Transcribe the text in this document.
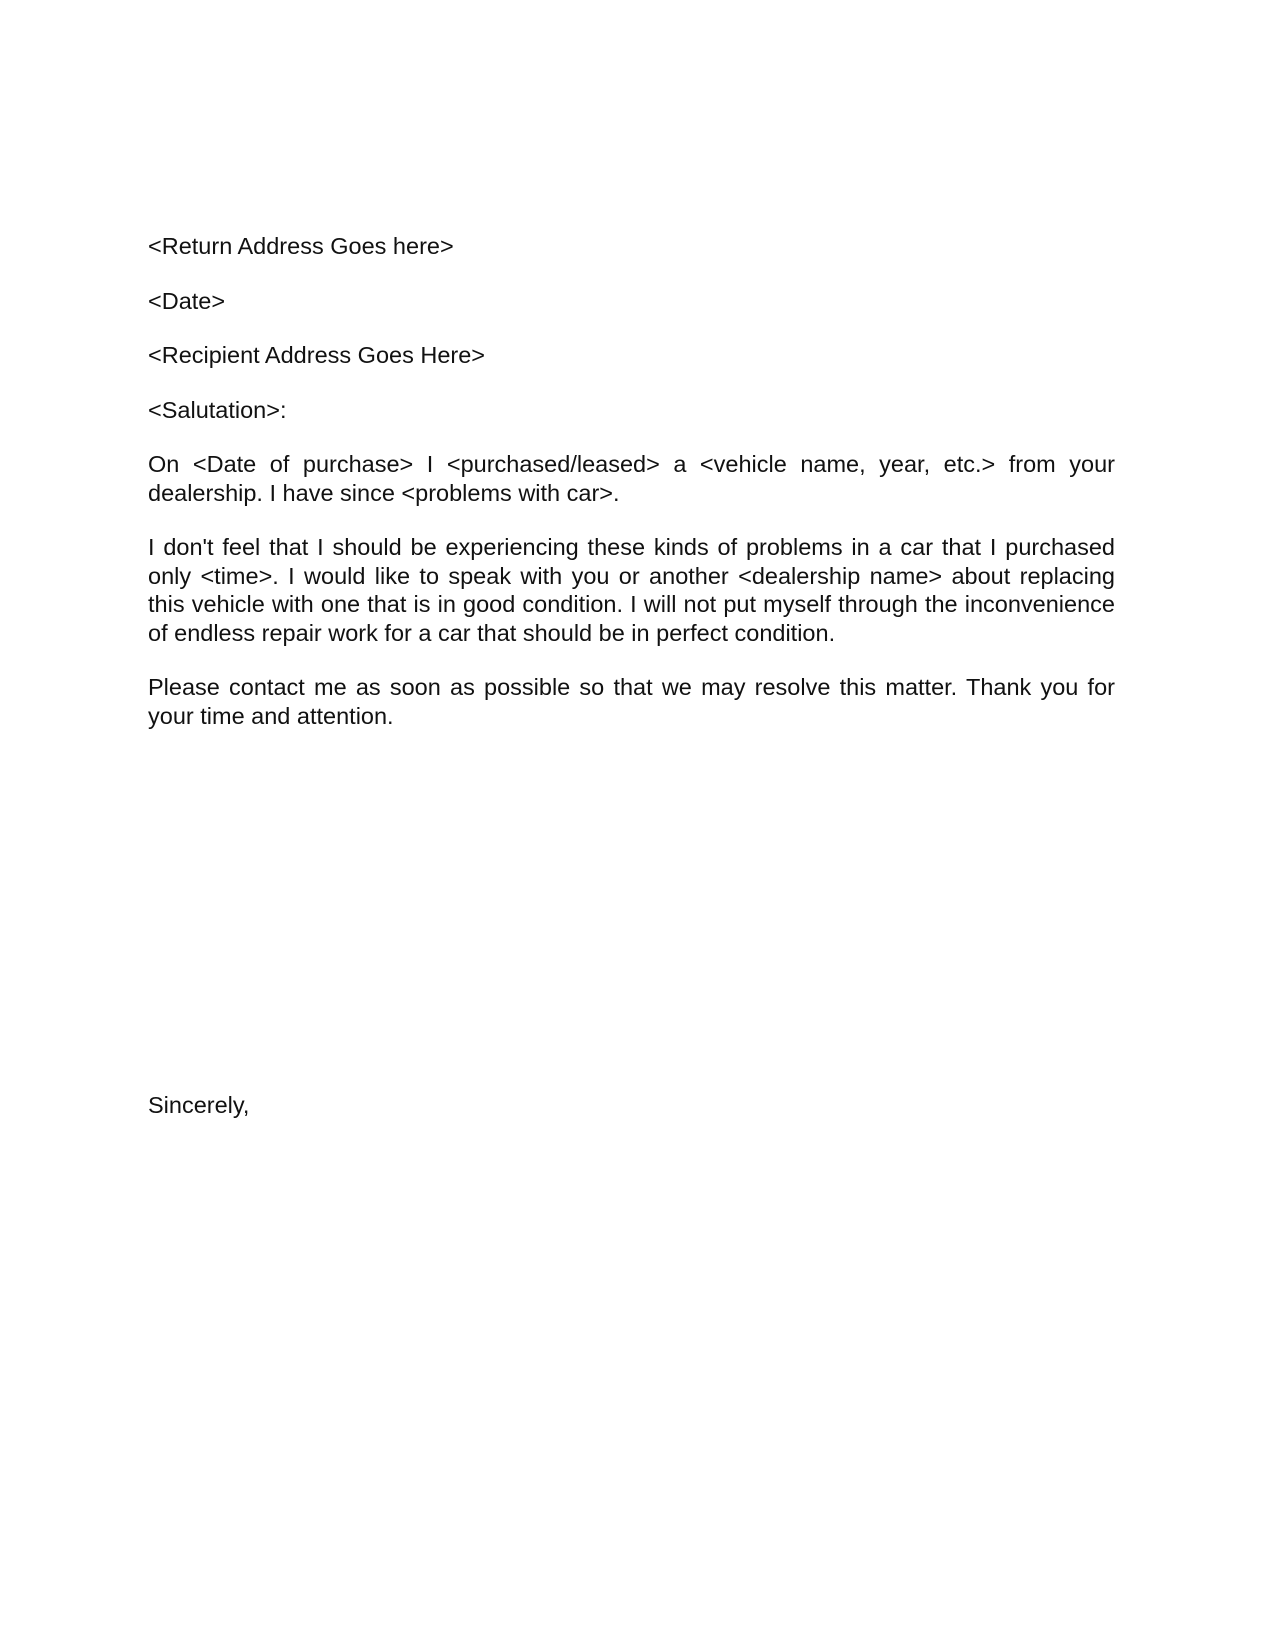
<Return Address Goes here>

<Date>

<Recipient Address Goes Here>

<Salutation>:

On <Date of purchase> I <purchased/leased> a <vehicle name, year, etc.> from your dealership. I have since <problems with car>.

I don't feel that I should be experiencing these kinds of problems in a car that I purchased only <time>. I would like to speak with you or another <dealership name> about replacing this vehicle with one that is in good condition. I will not put myself through the inconvenience of endless repair work for a car that should be in perfect condition.

Please contact me as soon as possible so that we may resolve this matter. Thank you for your time and attention.

Sincerely,
